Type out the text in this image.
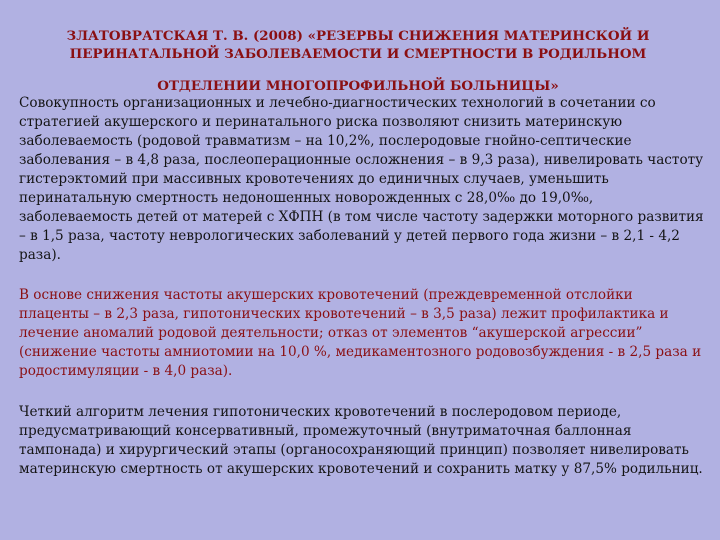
ЗЛАТОВРАТСКАЯ Т. В. (2008) «РЕЗЕРВЫ СНИЖЕНИЯ МАТЕРИНСКОЙ И
ПЕРИНАТАЛЬНОЙ ЗАБОЛЕВАЕМОСТИ И СМЕРТНОСТИ В РОДИЛЬНОМ
ОТДЕЛЕНИИ МНОГОПРОФИЛЬНОЙ БОЛЬНИЦЫ»

Совокупность организационных и лечебно-диагностических технологий в сочетании со стратегией акушерского и перинатального риска позволяют снизить материнскую заболеваемость (родовой травматизм – на 10,2%, послеродовые гнойно-септические заболевания – в 4,8 раза, послеоперационные осложнения – в 9,3 раза), нивелировать частоту гистерэктомий при массивных кровотечениях до единичных случаев, уменьшить перинатальную смертность недоношенных новорожденных с 28,0‰ до 19,0‰, заболеваемость детей от матерей с ХФПН (в том числе частоту задержки моторного развития – в 1,5 раза, частоту неврологических заболеваний у детей первого года жизни – в 2,1 - 4,2 раза).

В основе снижения частоты акушерских кровотечений (преждевременной отслойки плаценты – в 2,3 раза, гипотонических кровотечений – в 3,5 раза) лежит профилактика и лечение аномалий родовой деятельности; отказ от элементов “акушерской агрессии” (снижение частоты амниотомии на 10,0 %, медикаментозного родовозбуждения - в 2,5 раза и родостимуляции - в 4,0 раза).

Четкий алгоритм лечения гипотонических кровотечений в послеродовом периоде, предусматривающий консервативный, промежуточный (внутриматочная баллонная тампонада) и хирургический этапы (органосохраняющий принцип) позволяет нивелировать материнскую смертность от акушерских кровотечений и сохранить матку у 87,5% родильниц.
